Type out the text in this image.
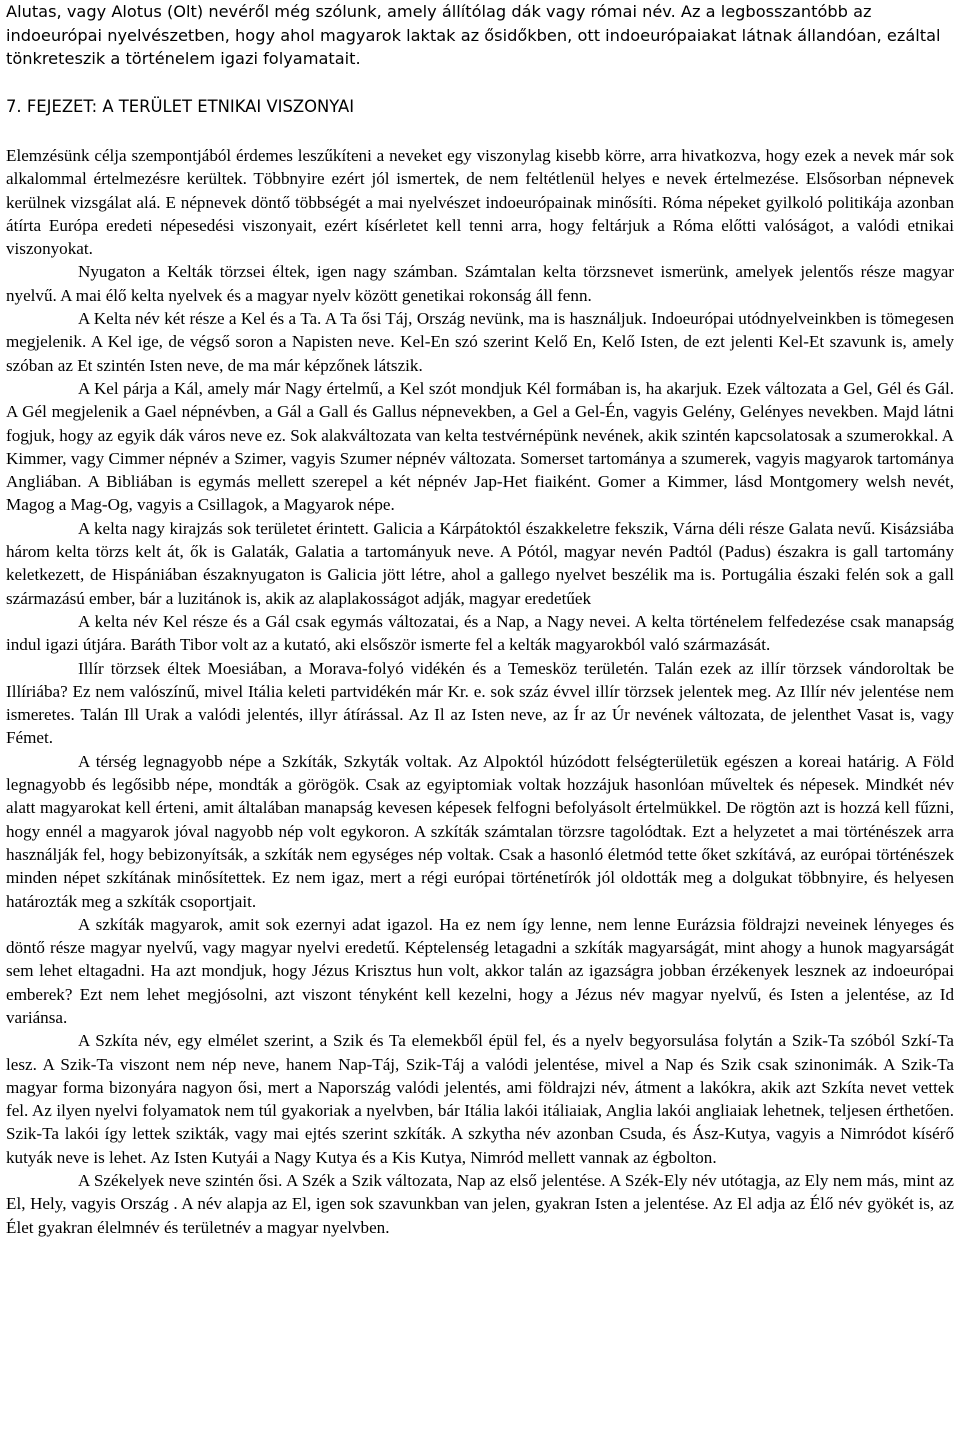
Alutas, vagy Alotus (Olt) nevéről még szólunk, amely állítólag dák vagy római név. Az a legbosszantóbb az indoeurópai nyelvészetben, hogy ahol magyarok laktak az ősidőkben, ott indoeurópaiakat látnak állandóan, ezáltal tönkreteszik a történelem igazi folyamatait.

7. FEJEZET: A TERÜLET ETNIKAI VISZONYAI

Elemzésünk célja szempontjából érdemes leszűkíteni a neveket egy viszonylag kisebb körre, arra hivatkozva, hogy ezek a nevek már sok alkalommal értelmezésre kerültek. Többnyire ezért jól ismertek, de nem feltétlenül helyes e nevek értelmezése. Elsősorban népnevek kerülnek vizsgálat alá. E népnevek döntő többségét a mai nyelvészet indoeurópainak minősíti. Róma népeket gyilkoló politikája azonban átírta Európa eredeti népesedési viszonyait, ezért kísérletet kell tenni arra, hogy feltárjuk a Róma előtti valóságot, a valódi etnikai viszonyokat.

Nyugaton a Kelták törzsei éltek, igen nagy számban. Számtalan kelta törzsnevet ismerünk, amelyek jelentős része magyar nyelvű. A mai élő kelta nyelvek és a magyar nyelv között genetikai rokonság áll fenn.

A Kelta név két része a Kel és a Ta. A Ta ősi Táj, Ország nevünk, ma is használjuk. Indoeurópai utódnyelveinkben is tömegesen megjelenik. A Kel ige, de végső soron a Napisten neve. Kel-En szó szerint Kelő En, Kelő Isten, de ezt jelenti Kel-Et szavunk is, amely szóban az Et szintén Isten neve, de ma már képzőnek látszik.

A Kel párja a Kál, amely már Nagy értelmű, a Kel szót mondjuk Kél formában is, ha akarjuk. Ezek változata a Gel, Gél és Gál. A Gél megjelenik a Gael népnévben, a Gál a Gall és Gallus népnevekben, a Gel a Gel-Én, vagyis Gelény, Gelényes nevekben. Majd látni fogjuk, hogy az egyik dák város neve ez. Sok alakváltozata van kelta testvérnépünk nevének, akik szintén kapcsolatosak a szumerokkal. A Kimmer, vagy Cimmer népnév a Szimer, vagyis Szumer népnév változata. Somerset tartománya a szumerek, vagyis magyarok tartománya Angliában. A Bibliában is egymás mellett szerepel a két népnév Jap-Het fiaiként. Gomer a Kimmer, lásd Montgomery welsh nevét, Magog a Mag-Og, vagyis a Csillagok, a Magyarok népe.

A kelta nagy kirajzás sok területet érintett. Galicia a Kárpátoktól északkeletre fekszik, Várna déli része Galata nevű. Kisázsiába három kelta törzs kelt át, ők is Galaták, Galatia a tartományuk neve. A Pótól, magyar nevén Padtól (Padus) északra is gall tartomány keletkezett, de Hispániában északnyugaton is Galicia jött létre, ahol a gallego nyelvet beszélik ma is. Portugália északi felén sok a gall származású ember, bár a luzitánok is, akik az alaplakosságot adják, magyar eredetűek

A kelta név Kel része és a Gál csak egymás változatai, és a Nap, a Nagy nevei. A kelta történelem felfedezése csak manapság indul igazi útjára. Baráth Tibor volt az a kutató, aki elsőször ismerte fel a kelták magyarokból való származását.

Illír törzsek éltek Moesiában, a Morava-folyó vidékén és a Temesköz területén. Talán ezek az illír törzsek vándoroltak be Illíriába? Ez nem valószínű, mivel Itália keleti partvidékén már Kr. e. sok száz évvel illír törzsek jelentek meg. Az Illír név jelentése nem ismeretes. Talán Ill Urak a valódi jelentés, illyr átírással. Az Il az Isten neve, az Ír az Úr nevének változata, de jelenthet Vasat is, vagy Fémet.

A térség legnagyobb népe a Szkíták, Szkyták voltak. Az Alpoktól húzódott felségterületük egészen a koreai határig. A Föld legnagyobb és legősibb népe, mondták a görögök. Csak az egyiptomiak voltak hozzájuk hasonlóan műveltek és népesek. Mindkét név alatt magyarokat kell érteni, amit általában manapság kevesen képesek felfogni befolyásolt értelmükkel. De rögtön azt is hozzá kell fűzni, hogy ennél a magyarok jóval nagyobb nép volt egykoron. A szkíták számtalan törzsre tagolódtak. Ezt a helyzetet a mai történészek arra használják fel, hogy bebizonyítsák, a szkíták nem egységes nép voltak. Csak a hasonló életmód tette őket szkítává, az európai történészek minden népet szkítának minősítettek. Ez nem igaz, mert a régi európai történetírók jól oldották meg a dolgukat többnyire, és helyesen határozták meg a szkíták csoportjait.

A szkíták magyarok, amit sok ezernyi adat igazol. Ha ez nem így lenne, nem lenne Eurázsia földrajzi neveinek lényeges és döntő része magyar nyelvű, vagy magyar nyelvi eredetű. Képtelenség letagadni a szkíták magyarságát, mint ahogy a hunok magyarságát sem lehet eltagadni. Ha azt mondjuk, hogy Jézus Krisztus hun volt, akkor talán az igazságra jobban érzékenyek lesznek az indoeurópai emberek? Ezt nem lehet megjósolni, azt viszont tényként kell kezelni, hogy a Jézus név magyar nyelvű, és Isten a jelentése, az Id variánsa.

A Szkíta név, egy elmélet szerint, a Szik és Ta elemekből épül fel, és a nyelv begyorsulása folytán a Szik-Ta szóból Szkí-Ta lesz. A Szik-Ta viszont nem nép neve, hanem Nap-Táj, Szik-Táj a valódi jelentése, mivel a Nap és Szik csak szinonimák. A Szik-Ta magyar forma bizonyára nagyon ősi, mert a Napország valódi jelentés, ami földrajzi név, átment a lakókra, akik azt Szkíta nevet vettek fel. Az ilyen nyelvi folyamatok nem túl gyakoriak a nyelvben, bár Itália lakói itáliaiak, Anglia lakói angliaiak lehetnek, teljesen érthetően. Szik-Ta lakói így lettek szikták, vagy mai ejtés szerint szkíták. A szkytha név azonban Csuda, és Ász-Kutya, vagyis a Nimródot kísérő kutyák neve is lehet. Az Isten Kutyái a Nagy Kutya és a Kis Kutya, Nimród mellett vannak az égbolton.

A Székelyek neve szintén ősi. A Szék a Szik változata, Nap az első jelentése. A Szék-Ely név utótagja, az Ely nem más, mint az El, Hely, vagyis Ország . A név alapja az El, igen sok szavunkban van jelen, gyakran Isten a jelentése. Az El adja az Élő név gyökét is, az Élet gyakran élelmnév és területnév a magyar nyelvben.
